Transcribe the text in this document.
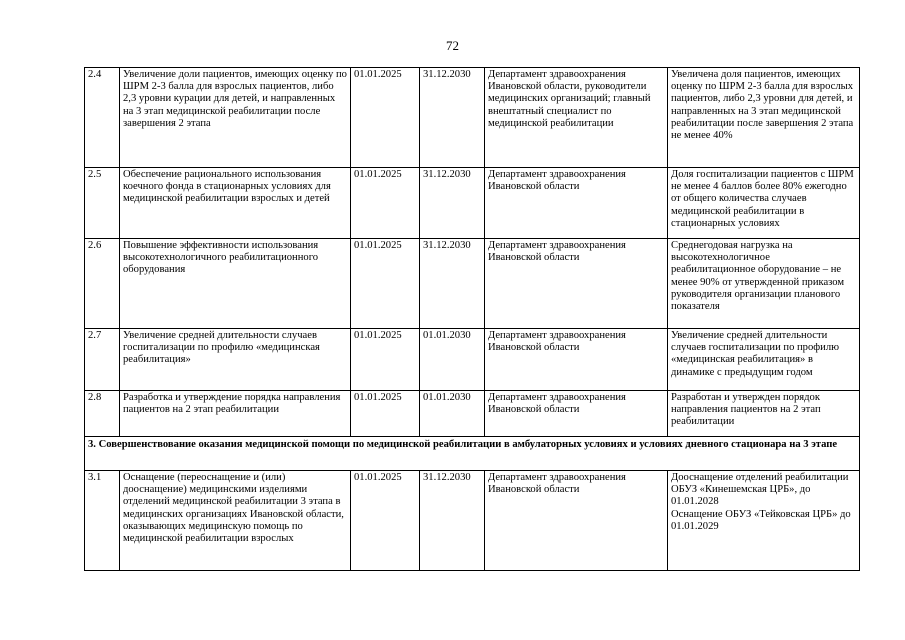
72
2.4	Увеличение доли пациентов, имеющих оценку по ШРМ 2-3 балла для взрослых пациентов, либо 2,3 уровни курации для детей, и направленных на 3 этап медицинской реабилитации после завершения 2 этапа	01.01.2025	31.12.2030	Департамент здравоохранения Ивановской области, руководители медицинских организаций; главный внештатный специалист по медицинской реабилитации	Увеличена доля пациентов, имеющих оценку по ШРМ 2-3 балла для взрослых пациентов, либо 2,3 уровни для детей, и направленных на 3 этап медицинской реабилитации после завершения 2 этапа не менее 40%
2.5	Обеспечение рационального использования коечного фонда в стационарных условиях для медицинской реабилитации взрослых и детей	01.01.2025	31.12.2030	Департамент здравоохранения Ивановской области	Доля госпитализации пациентов с ШРМ не менее 4 баллов более 80% ежегодно от общего количества случаев медицинской реабилитации в стационарных условиях
2.6	Повышение эффективности использования высокотехнологичного реабилитационного оборудования	01.01.2025	31.12.2030	Департамент здравоохранения Ивановской области	Среднегодовая нагрузка на высокотехнологичное реабилитационное оборудование – не менее 90% от утвержденной приказом руководителя организации планового показателя
2.7	Увеличение средней длительности случаев госпитализации по профилю «медицинская реабилитация»	01.01.2025	01.01.2030	Департамент здравоохранения Ивановской области	Увеличение средней длительности случаев госпитализации по профилю «медицинская реабилитация» в динамике с предыдущим годом
2.8	Разработка и утверждение порядка направления пациентов на 2 этап реабилитации	01.01.2025	01.01.2030	Департамент здравоохранения Ивановской области	Разработан и утвержден порядок направления пациентов на 2 этап реабилитации
3. Совершенствование оказания медицинской помощи по медицинской реабилитации в амбулаторных условиях и условиях дневного стационара на 3 этапе					
3.1	Оснащение (переоснащение и (или) дооснащение) медицинскими изделиями отделений медицинской реабилитации 3 этапа в медицинских организациях Ивановской области, оказывающих медицинскую помощь по медицинской реабилитации взрослых	01.01.2025	31.12.2030	Департамент здравоохранения Ивановской области	Дооснащение отделений реабилитации ОБУЗ «Кинешемская ЦРБ», до 01.01.2028
Оснащение ОБУЗ «Тейковская ЦРБ» до 01.01.2029
